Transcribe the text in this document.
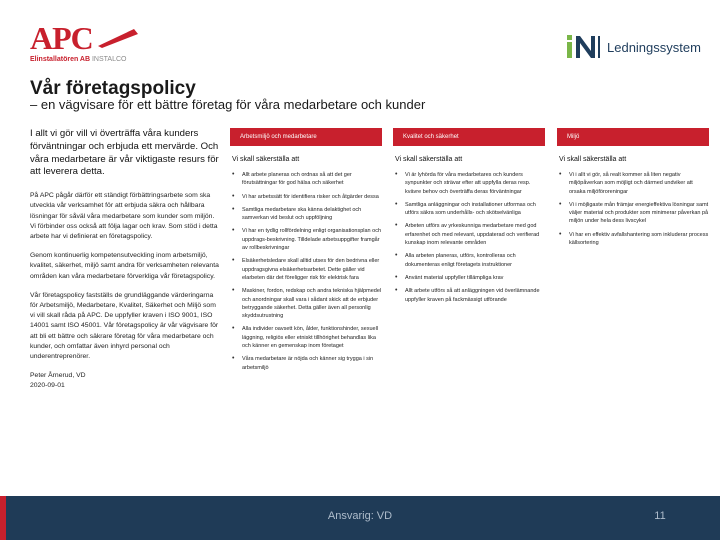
APC
Elinstallatören AB INSTALCO
Ledningssystem
Vår företagspolicy
– en vägvisare för ett bättre företag för våra medarbetare och kunder

I allt vi gör vill vi överträffa våra kunders förväntningar och erbjuda ett mervärde. Och våra medarbetare är vår viktigaste resurs för att leverera detta.

På APC pågår därför ett ständigt förbättringsarbete som ska utveckla vår verksamhet för att erbjuda säkra och hållbara lösningar för såväl våra medarbetare som kunder som miljön. Vi förbinder oss också att följa lagar och krav. Som stöd i detta arbete har vi definierat en företagspolicy.

Genom kontinuerlig kompetensutveckling inom arbetsmiljö, kvalitet, säkerhet, miljö samt andra för verksamheten relevanta områden kan våra medarbetare förverkliga vår företagspolicy.

Vår företagspolicy fastställs de grundläggande värderingarna för Arbetsmiljö, Medarbetare, Kvalitet, Säkerhet och Miljö som vi vill skall råda på APC. De uppfyller kraven i ISO 9001, ISO 14001 samt ISO 45001. Vår företagspolicy är vår vägvisare för att bli ett bättre och säkrare företag för våra medarbetare och kunder, och omfattar även inhyrd personal och underentreprenörer.

Peter Årnerud, VD
2020-09-01
Arbetsmiljö och medarbetare
Vi skall säkerställa att
• Allt arbete planeras och ordnas så att det ger förutsättningar för god hälsa och säkerhet
• Vi har arbetssätt för identifiera risker och åtgärder dessa
• Samtliga medarbetare ska känna delaktighet och samverkan vid beslut och uppföljning
• Vi har en tydlig rollfördelning enligt organisationsplan och uppdrags-beskrivning. Tilldelade arbetsuppgifter framgår av rollbeskrivningar
• Elsäkerhetsledare skall alltid utses för den bedrivna eller uppdragsgivna elsäkerhetsarbetet. Dette gäller vid elarbeten där det föreligger risk för elektrisk fara
• Maskiner, fordon, redskap och andra tekniska hjälpmedel och anordningar skall vara i sådant skick att de erbjuder betryggande säkerhet. Detta gäller även all personlig skyddsutrustning
• Alla individer oavsett kön, ålder, funktionshinder, sexuell läggning, religiös eller etniskt tillhörighet behandlas lika och känner en gemenskap inom företaget
• Våra medarbetare är nöjda och känner sig trygga i sin arbetsmiljö
Kvalitet och säkerhet
Vi skall säkerställa att
• Vi är lyhörda för våra medarbetares och kunders synpunkter och strävar efter att uppfylla deras resp. kvävre behov och överträffa deras förväntningar
• Samtliga anläggningar och installationer utformas och utförs säkra som underhålls- och skötselvänliga
• Arbeten utförs av yrkeskunniga medarbetare med god erfarenhet och med relevant, uppdaterad och verifierad kunskap inom relevante områden
• Alla arbeten planeras, utförs, kontrolleras och dokumenteras enligt företagets instruktioner
• Använt material uppfyller tillämpliga krav
• Allt arbete utförs så att anläggningen vid överlämnande uppfyller kraven på fackmässigt utförande
Miljö
Vi skall säkerställa att
• Vi i allt vi gör, så realt kommer så liten negativ miljöpåverkan som möjligt och därmed undviker att orsaka miljöföroreningar
• Vi i möjligaste mån främjar energieffektiva lösningar samt väljer material och produkter som minimerar påverkan på miljön under hela dess livscykel
• Vi har en effektiv avfallshantering som inkluderar process källsortering
Ansvarig: VD	11
